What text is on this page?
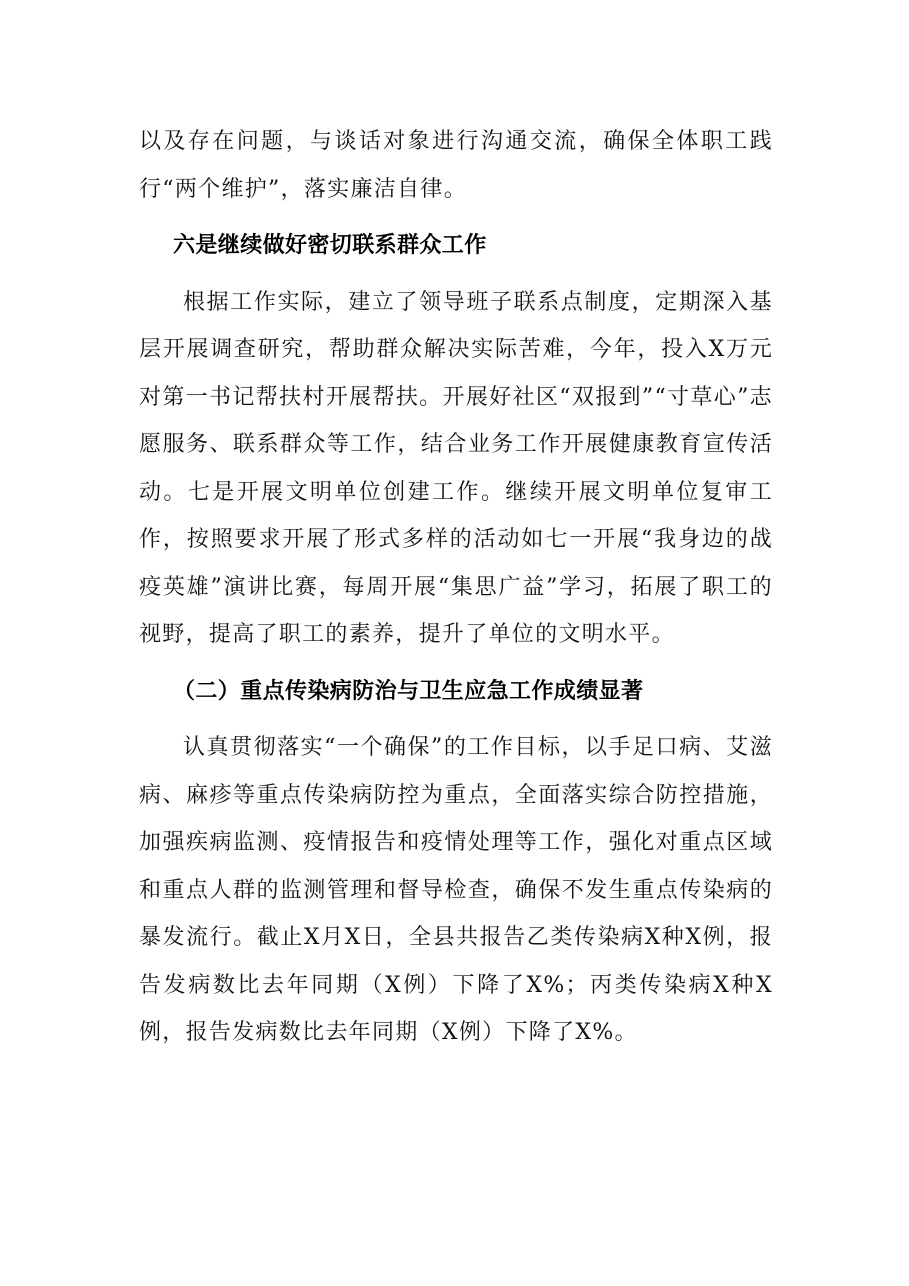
以及存在问题，与谈话对象进行沟通交流，确保全体职工践行“两个维护”，落实廉洁自律。

六是继续做好密切联系群众工作

根据工作实际，建立了领导班子联系点制度，定期深入基层开展调查研究，帮助群众解决实际苦难，今年，投入X万元对第一书记帮扶村开展帮扶。开展好社区“双报到”“寸草心”志愿服务、联系群众等工作，结合业务工作开展健康教育宣传活动。七是开展文明单位创建工作。继续开展文明单位复审工作，按照要求开展了形式多样的活动如七一开展“我身边的战疫英雄”演讲比赛，每周开展“集思广益”学习，拓展了职工的视野，提高了职工的素养，提升了单位的文明水平。

（二）重点传染病防治与卫生应急工作成绩显著

认真贯彻落实“一个确保”的工作目标，以手足口病、艾滋病、麻疹等重点传染病防控为重点，全面落实综合防控措施，加强疾病监测、疫情报告和疫情处理等工作，强化对重点区域和重点人群的监测管理和督导检查，确保不发生重点传染病的暴发流行。截止X月X日，全县共报告乙类传染病X种X例，报告发病数比去年同期（X例）下降了X%；丙类传染病X种X例，报告发病数比去年同期（X例）下降了X%。
